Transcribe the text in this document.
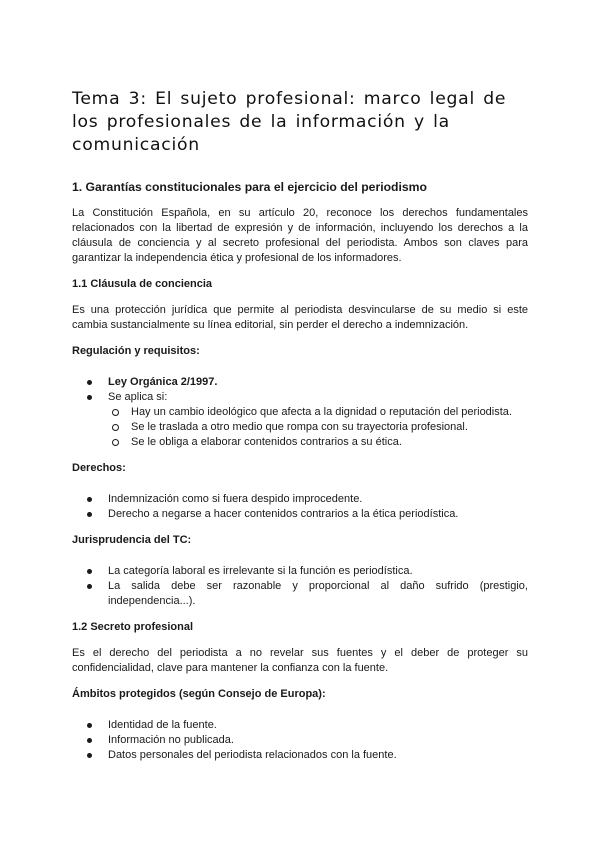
Tema 3: El sujeto profesional: marco legal de los profesionales de la información y la comunicación
1. Garantías constitucionales para el ejercicio del periodismo

La Constitución Española, en su artículo 20, reconoce los derechos fundamentales relacionados con la libertad de expresión y de información, incluyendo los derechos a la cláusula de conciencia y al secreto profesional del periodista. Ambos son claves para garantizar la independencia ética y profesional de los informadores.

1.1 Cláusula de conciencia

Es una protección jurídica que permite al periodista desvincularse de su medio si este cambia sustancialmente su línea editorial, sin perder el derecho a indemnización.

Regulación y requisitos:
Ley Orgánica 2/1997.
Se aplica si:
Hay un cambio ideológico que afecta a la dignidad o reputación del periodista.
Se le traslada a otro medio que rompa con su trayectoria profesional.
Se le obliga a elaborar contenidos contrarios a su ética.
Derechos:
Indemnización como si fuera despido improcedente.
Derecho a negarse a hacer contenidos contrarios a la ética periodística.
Jurisprudencia del TC:
La categoría laboral es irrelevante si la función es periodística.
La salida debe ser razonable y proporcional al daño sufrido (prestigio, independencia...).
1.2 Secreto profesional

Es el derecho del periodista a no revelar sus fuentes y el deber de proteger su confidencialidad, clave para mantener la confianza con la fuente.

Ámbitos protegidos (según Consejo de Europa):
Identidad de la fuente.
Información no publicada.
Datos personales del periodista relacionados con la fuente.
